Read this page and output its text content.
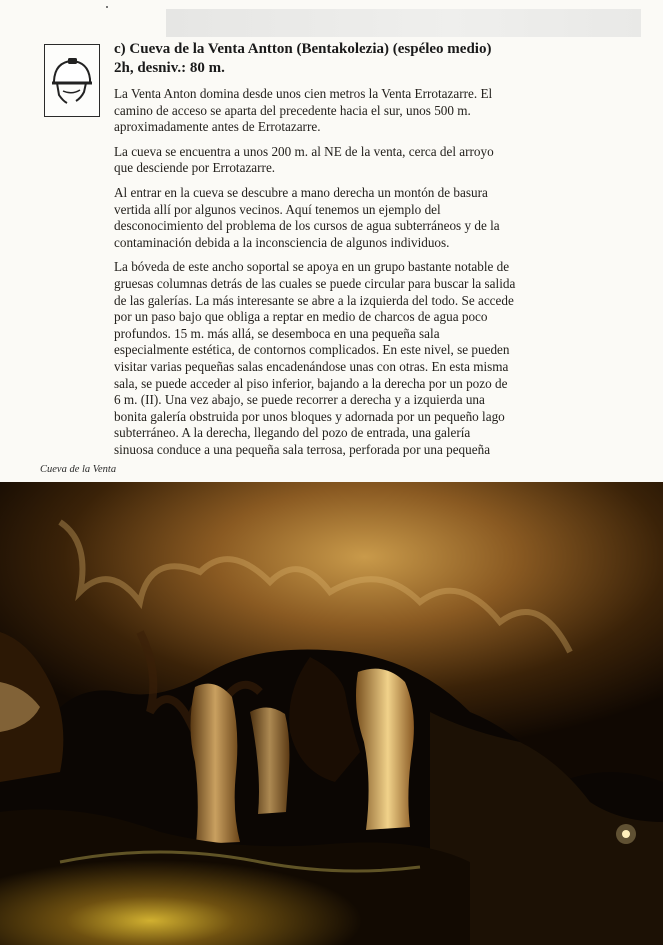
c) Cueva de la Venta Antton (Bentakolezia) (espéleo medio)
2h, desniv.: 80 m.

La Venta Anton domina desde unos cien metros la Venta Errotazarre. El
camino de acceso se aparta del precedente hacia el sur, unos 500 m.
aproximadamente antes de Errotazarre.

La cueva se encuentra a unos 200 m. al NE de la venta, cerca del arroyo
que desciende por Errotazarre.

Al entrar en la cueva se descubre a mano derecha un montón de basura
vertida allí por algunos vecinos. Aquí tenemos un ejemplo del
desconocimiento del problema de los cursos de agua subterráneos y de la
contaminación debida a la inconsciencia de algunos individuos.

La bóveda de este ancho soportal se apoya en un grupo bastante notable de
gruesas columnas detrás de las cuales se puede circular para buscar la salida
de las galerías. La más interesante se abre a la izquierda del todo. Se accede
por un paso bajo que obliga a reptar en medio de charcos de agua poco
profundos. 15 m. más allá, se desemboca en una pequeña sala
especialmente estética, de contornos complicados. En este nivel, se pueden
visitar varias pequeñas salas encadenándose unas con otras. En esta misma
sala, se puede acceder al piso inferior, bajando a la derecha por un pozo de
6 m. (II). Una vez abajo, se puede recorrer a derecha y a izquierda una
bonita galería obstruida por unos bloques y adornada por un pequeño lago
subterráneo. A la derecha, llegando del pozo de entrada, una galería
sinuosa conduce a una pequeña sala terrosa, perforada por una pequeña

Cueva de la Venta
